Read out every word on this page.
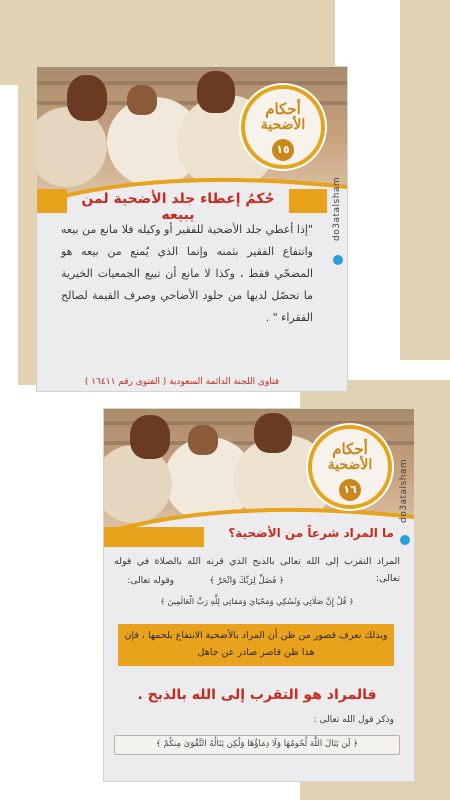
أحكام
الأضحية
١٥
do3atalsham
حُكمُ إعطاء جلد الأضحية لمن يبيعه
"إذا أعطي جلد الأضحية للفقير أو وكيله فلا مانع من بيعه وانتفاع الفقير بثمنه وإنما الذي يُمنع من بيعه هو المضحّي فقط ، وكذا لا مانع أن تبيع الجمعيات الخيرية ما تحصّل لديها من جلود الأضاحي وصرف القيمة لصالح الفقراء " .
فتاوى اللجنة الدائمة السعودية ( الفتوى رقم ١٦٤١١ )
أحكام
الأضحية
١٦	do3atalsham
ما المراد شرعاً من الأضحية؟
المراد التقرب إلى الله تعالى بالذبح الذي قرنه الله بالصلاة في قوله تعالى:
وقوله تعالى:	﴿ فَصَلِّ لِرَبِّكَ وَانْحَرْ ﴾
﴿ قُلْ إِنَّ صَلَاتِي وَنُسُكِي وَمَحْيَايَ وَمَمَاتِي لِلَّهِ رَبِّ الْعَالَمِينَ ﴾
وبذلك نعرف قصور من ظن أن المراد بالأضحية الانتفاع بلحمها ، فإن هذا ظن قاصر صادر عن جاهل
فالمراد هو التقرب إلى الله بالذبح .
وذكر قول الله تعالى :
﴿ لَن يَنَالَ اللَّهَ لُحُومُهَا وَلَا دِمَاؤُهَا وَلَٰكِن يَنَالُهُ التَّقْوَىٰ مِنكُمْ ﴾
